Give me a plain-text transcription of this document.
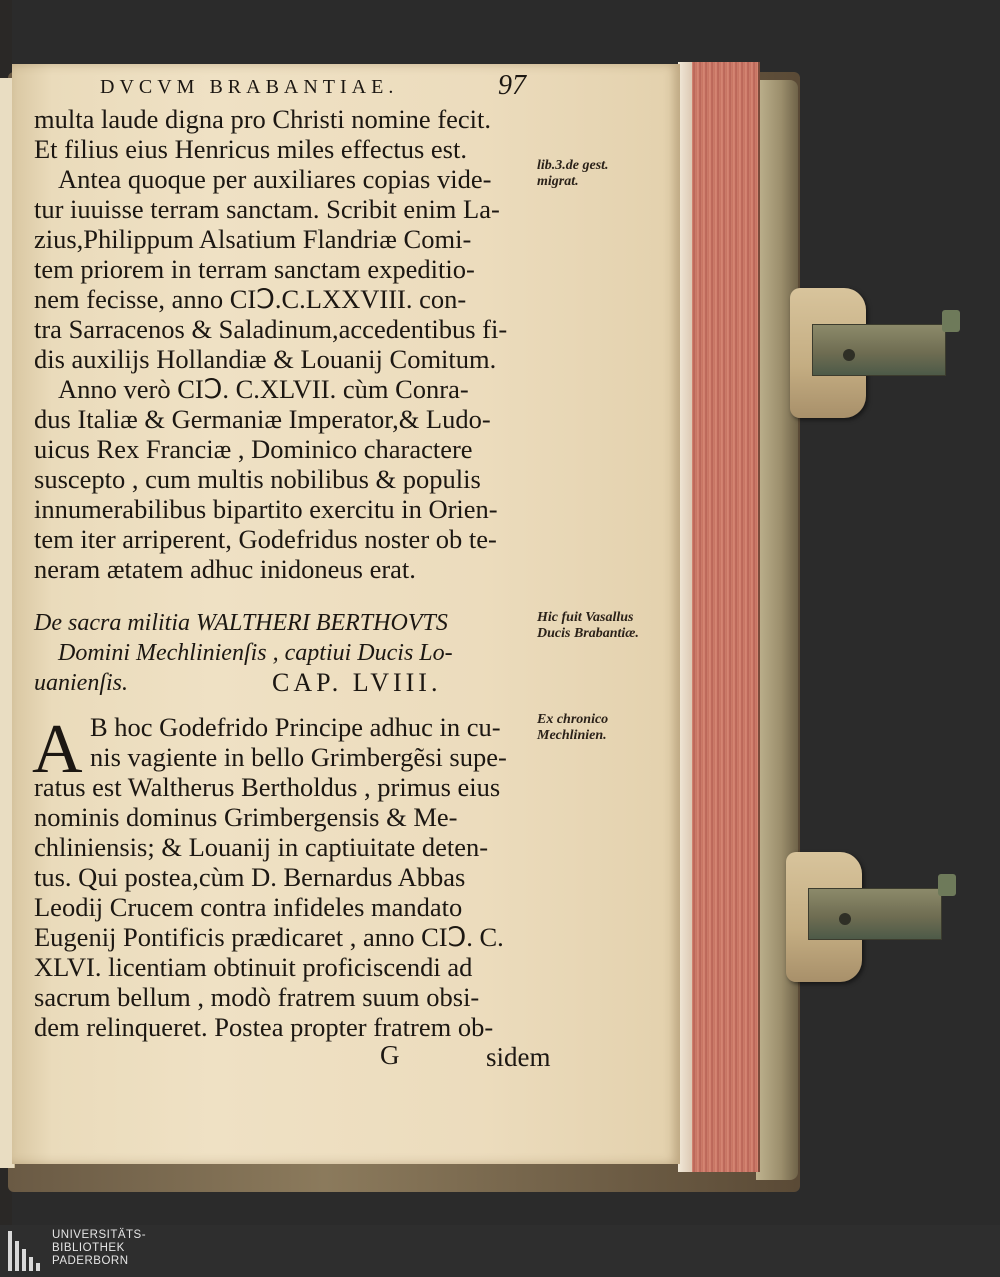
DVCVM BRABANTIAE.	97
multa laude digna pro Christi nomine fecit.
Et filius eius Henricus miles effectus est.
Antea quoque per auxiliares copias vide-
tur iuuisse terram sanctam. Scribit enim La-
zius,Philippum Alsatium Flandriæ Comi-
tem priorem in terram sanctam expeditio-
nem fecisse, anno CIↃ.C.LXXVIII. con-
tra Sarracenos & Saladinum,accedentibus fi-
dis auxilijs Hollandiæ & Louanij Comitum.
Anno verò CIↃ. C.XLVII. cùm Conra-
dus Italiæ & Germaniæ Imperator,& Ludo-
uicus Rex Franciæ , Dominico charactere
suscepto , cum multis nobilibus & populis
innumerabilibus bipartito exercitu in Orien-
tem iter arriperent, Godefridus noster ob te-
neram ætatem adhuc inidoneus erat.
De sacra militia WALTHERI BERTHOVTS
Domini Mechlinienſis , captiui Ducis Lo-
uanienſis.	CAP. LVIII.
A B hoc Godefrido Principe adhuc in cu-
nis vagiente in bello Grimbergẽsi supe-
ratus est Waltherus Bertholdus , primus eius
nominis dominus Grimbergensis & Me-
chliniensis; & Louanij in captiuitate deten-
tus. Qui postea,cùm D. Bernardus Abbas
Leodij Crucem contra infideles mandato
Eugenij Pontificis prædicaret , anno CIↃ. C.
XLVI. licentiam obtinuit proficiscendi ad
sacrum bellum , modò fratrem suum obsi-
dem relinqueret. Postea propter fratrem ob-
lib.3.de gest. migrat.
Hic fuit Vasallus Ducis Brabantiæ.
Ex chronico Mechlinien.
G	sidem
UNIVERSITÄTS-
BIBLIOTHEK
PADERBORN
